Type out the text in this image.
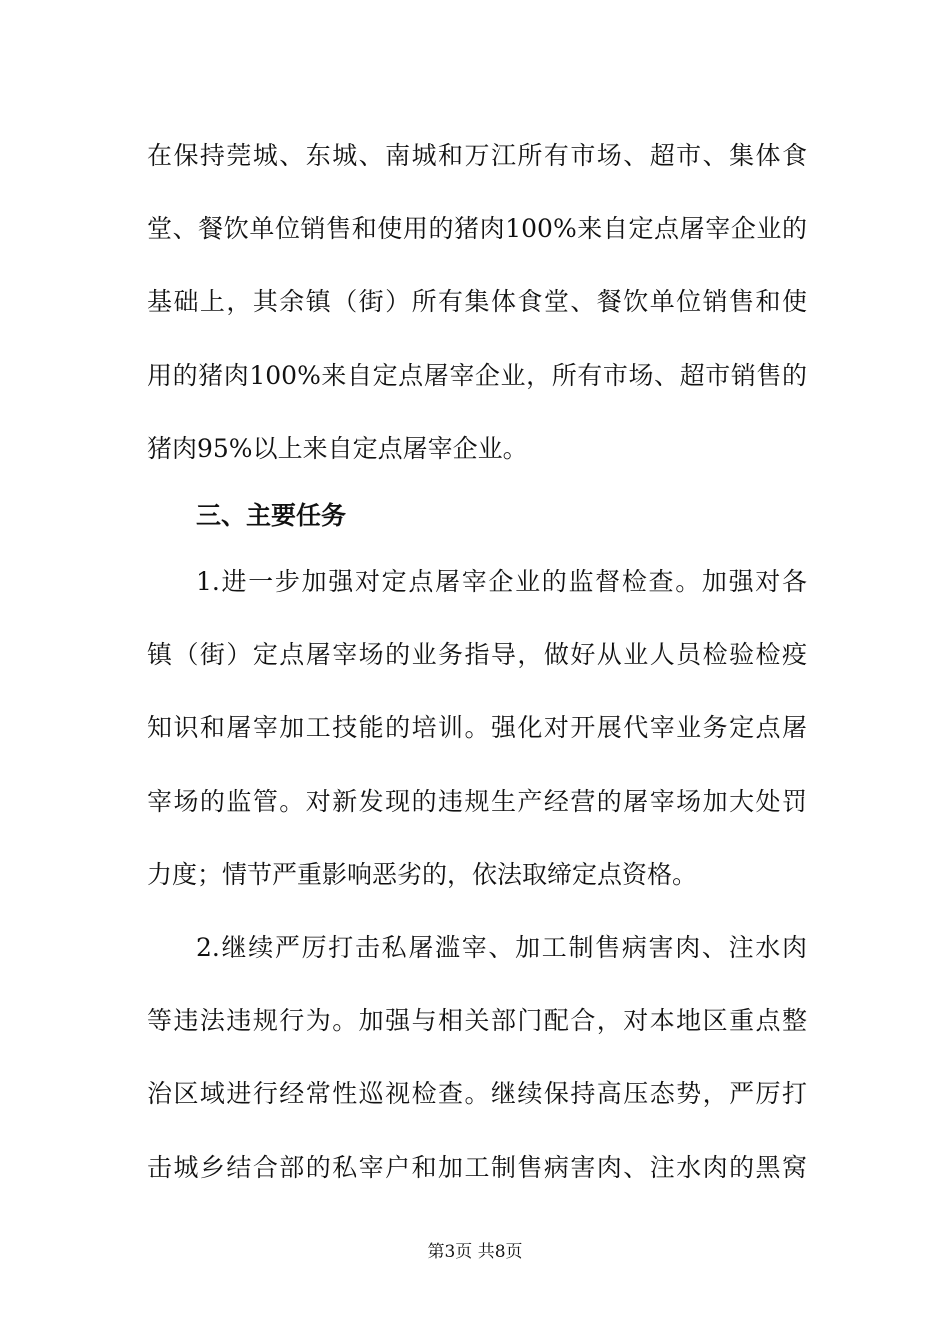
在保持莞城、东城、南城和万江所有市场、超市、集体食
堂、餐饮单位销售和使用的猪肉100%来自定点屠宰企业的
基础上，其余镇（街）所有集体食堂、餐饮单位销售和使
用的猪肉100%来自定点屠宰企业，所有市场、超市销售的
猪肉95%以上来自定点屠宰企业。
三、主要任务
1.进一步加强对定点屠宰企业的监督检查。加强对各
镇（街）定点屠宰场的业务指导，做好从业人员检验检疫
知识和屠宰加工技能的培训。强化对开展代宰业务定点屠
宰场的监管。对新发现的违规生产经营的屠宰场加大处罚
力度；情节严重影响恶劣的，依法取缔定点资格。
2.继续严厉打击私屠滥宰、加工制售病害肉、注水肉
等违法违规行为。加强与相关部门配合，对本地区重点整
治区域进行经常性巡视检查。继续保持高压态势，严厉打
击城乡结合部的私宰户和加工制售病害肉、注水肉的黑窝
第3页 共8页
